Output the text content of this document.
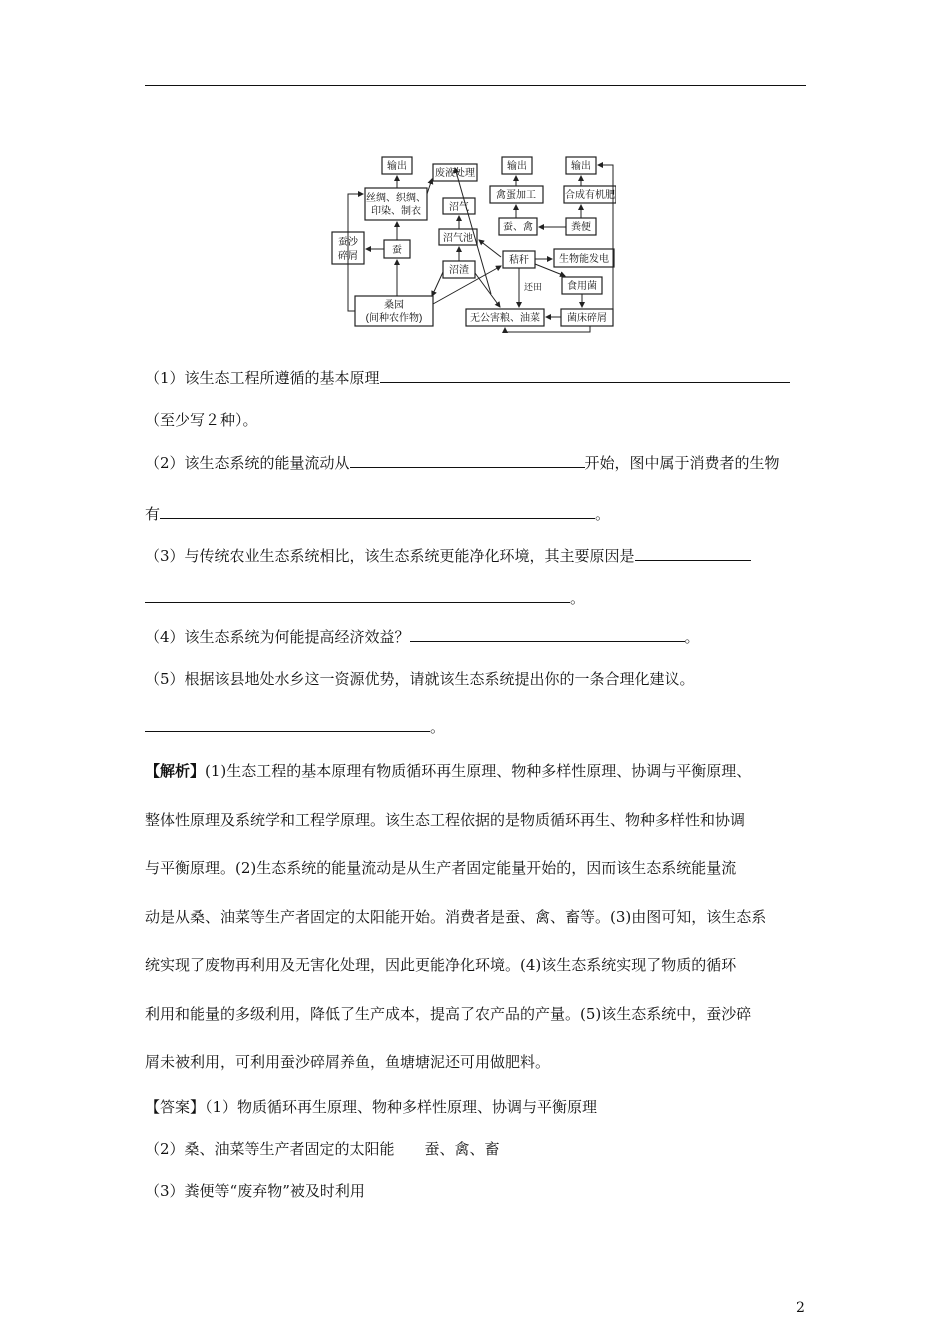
输出
废液处理
输出	输出
丝绸、织绸、
印染、制衣
禽蛋加工	合成有机肥
沼气
蚕、禽	粪便
蚕沙
碎屑
蚕
沼气池
秸秆	生物能发电
沼渣
还田 食用菌
桑园
(间种农作物)	无公害粮、油菜	菌床碎屑
（1）该生态工程所遵循的基本原理
（至少写２种）。
（2）该生态系统的能量流动从	开始，图中属于消费者的生物
有	。
（3）与传统农业生态系统相比，该生态系统更能净化环境，其主要原因是
。
（4）该生态系统为何能提高经济效益？	。
（5）根据该县地处水乡这一资源优势，请就该生态系统提出你的一条合理化建议。
。
【解析】(1)生态工程的基本原理有物质循环再生原理、物种多样性原理、协调与平衡原理、
整体性原理及系统学和工程学原理。该生态工程依据的是物质循环再生、物种多样性和协调
与平衡原理。(2)生态系统的能量流动是从生产者固定能量开始的，因而该生态系统能量流
动是从桑、油菜等生产者固定的太阳能开始。消费者是蚕、禽、畜等。(3)由图可知，该生态系
统实现了废物再利用及无害化处理，因此更能净化环境。(4)该生态系统实现了物质的循环
利用和能量的多级利用，降低了生产成本，提高了农产品的产量。(5)该生态系统中，蚕沙碎
屑未被利用，可利用蚕沙碎屑养鱼，鱼塘塘泥还可用做肥料。
【答案】（1）物质循环再生原理、物种多样性原理、协调与平衡原理
（2）桑、油菜等生产者固定的太阳能 蚕、禽、畜
（3）粪便等“废弃物”被及时利用
2
